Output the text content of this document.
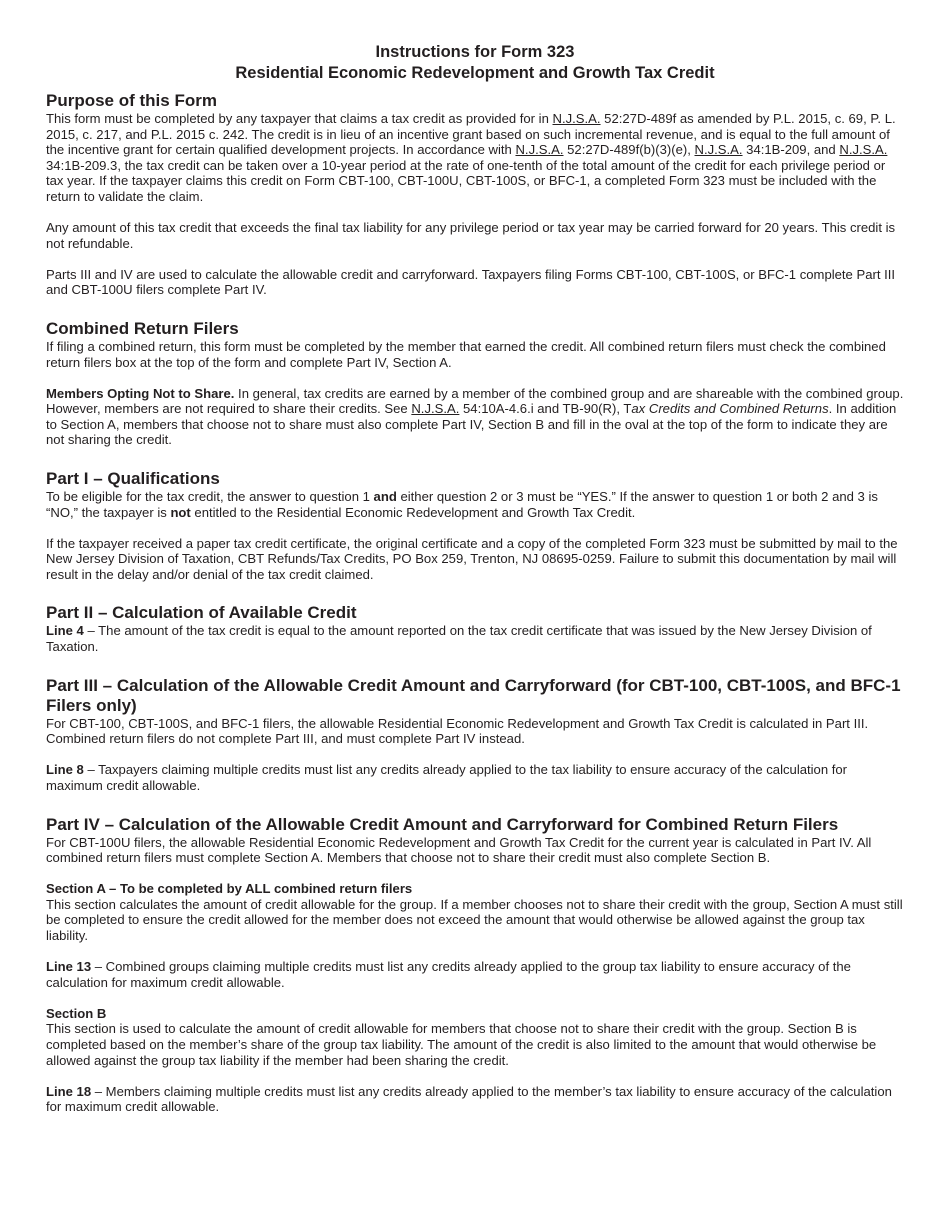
Instructions for Form 323
Residential Economic Redevelopment and Growth Tax Credit
Purpose of this Form

This form must be completed by any taxpayer that claims a tax credit as provided for in N.J.S.A. 52:27D-489f as amended by P.L. 2015, c. 69, P. L. 2015, c. 217, and P.L. 2015 c. 242. The credit is in lieu of an incentive grant based on such incremental revenue, and is equal to the full amount of the incentive grant for certain qualified development projects. In accordance with N.J.S.A. 52:27D-489f(b)(3)(e), N.J.S.A. 34:1B-209, and N.J.S.A. 34:1B-209.3, the tax credit can be taken over a 10-year period at the rate of one-tenth of the total amount of the credit for each privilege period or tax year. If the taxpayer claims this credit on Form CBT-100, CBT-100U, CBT-100S, or BFC-1, a completed Form 323 must be included with the return to validate the claim.

Any amount of this tax credit that exceeds the final tax liability for any privilege period or tax year may be carried forward for 20 years. This credit is not refundable.

Parts III and IV are used to calculate the allowable credit and carryforward. Taxpayers filing Forms CBT-100, CBT-100S, or BFC-1 complete Part III and CBT-100U filers complete Part IV.

Combined Return Filers

If filing a combined return, this form must be completed by the member that earned the credit. All combined return filers must check the combined return filers box at the top of the form and complete Part IV, Section A.

Members Opting Not to Share. In general, tax credits are earned by a member of the combined group and are shareable with the combined group. However, members are not required to share their credits. See N.J.S.A. 54:10A-4.6.i and TB-90(R), Tax Credits and Combined Returns. In addition to Section A, members that choose not to share must also complete Part IV, Section B and fill in the oval at the top of the form to indicate they are not sharing the credit.

Part I – Qualifications

To be eligible for the tax credit, the answer to question 1 and either question 2 or 3 must be “YES.” If the answer to question 1 or both 2 and 3 is “NO,” the taxpayer is not entitled to the Residential Economic Redevelopment and Growth Tax Credit.

If the taxpayer received a paper tax credit certificate, the original certificate and a copy of the completed Form 323 must be submitted by mail to the New Jersey Division of Taxation, CBT Refunds/Tax Credits, PO Box 259, Trenton, NJ 08695-0259. Failure to submit this documentation by mail will result in the delay and/or denial of the tax credit claimed.

Part II – Calculation of Available Credit

Line 4 – The amount of the tax credit is equal to the amount reported on the tax credit certificate that was issued by the New Jersey Division of Taxation.

Part III – Calculation of the Allowable Credit Amount and Carryforward (for CBT-100, CBT-100S, and BFC-1 Filers only)

For CBT-100, CBT-100S, and BFC-1 filers, the allowable Residential Economic Redevelopment and Growth Tax Credit is calculated in Part III. Combined return filers do not complete Part III, and must complete Part IV instead.

Line 8 – Taxpayers claiming multiple credits must list any credits already applied to the tax liability to ensure accuracy of the calculation for maximum credit allowable.

Part IV – Calculation of the Allowable Credit Amount and Carryforward for Combined Return Filers

For CBT-100U filers, the allowable Residential Economic Redevelopment and Growth Tax Credit for the current year is calculated in Part IV. All combined return filers must complete Section A. Members that choose not to share their credit must also complete Section B.

Section A – To be completed by ALL combined return filers

This section calculates the amount of credit allowable for the group. If a member chooses not to share their credit with the group, Section A must still be completed to ensure the credit allowed for the member does not exceed the amount that would otherwise be allowed against the group tax liability.

Line 13 – Combined groups claiming multiple credits must list any credits already applied to the group tax liability to ensure accuracy of the calculation for maximum credit allowable.

Section B

This section is used to calculate the amount of credit allowable for members that choose not to share their credit with the group. Section B is completed based on the member’s share of the group tax liability. The amount of the credit is also limited to the amount that would otherwise be allowed against the group tax liability if the member had been sharing the credit.

Line 18 – Members claiming multiple credits must list any credits already applied to the member’s tax liability to ensure accuracy of the calculation for maximum credit allowable.
